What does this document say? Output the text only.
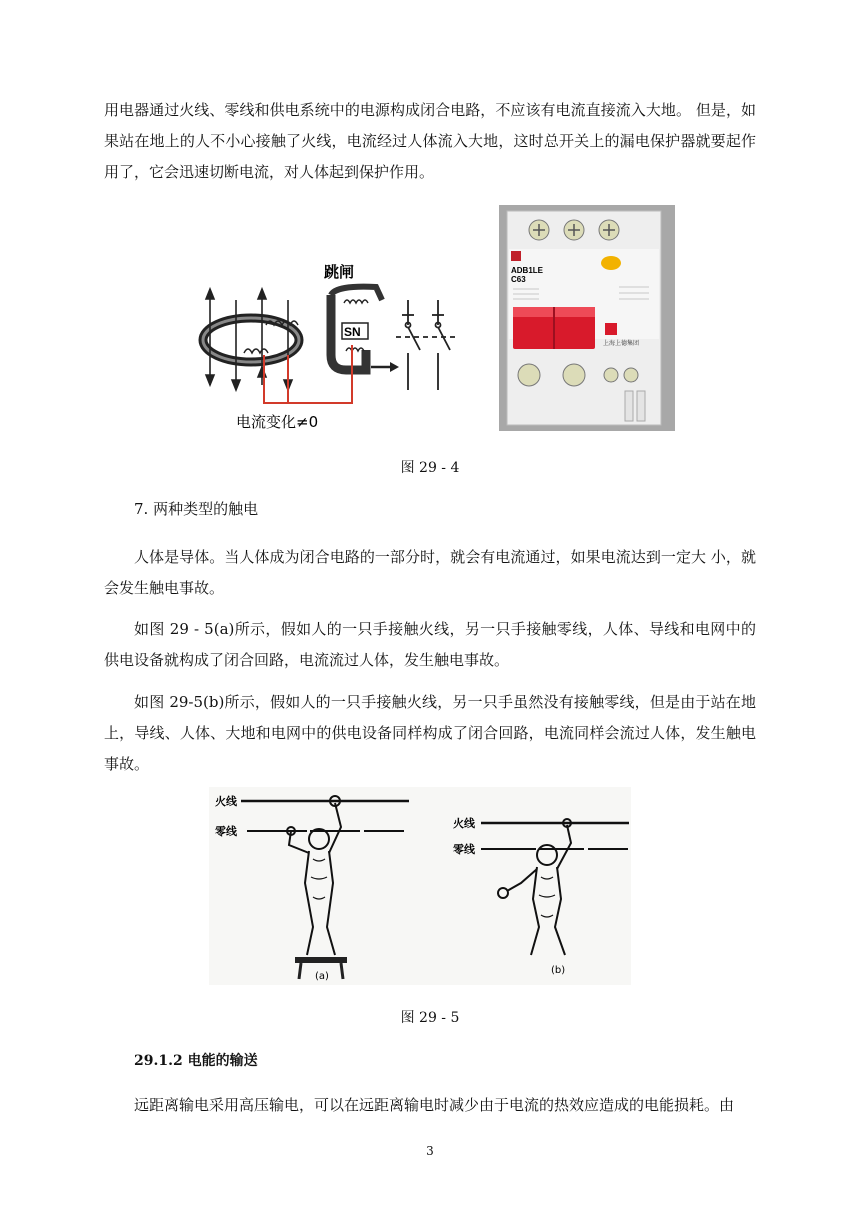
用电器通过火线、零线和供电系统中的电源构成闭合电路，不应该有电流直接流入大地。 但是，如果站在地上的人不小心接触了火线，电流经过人体流入大地，这时总开关上的漏电保护器就要起作用了，它会迅速切断电流，对人体起到保护作用。

SN
跳闸
电流变化≠0
ADB1LE
C63
上海上德集团

图 29 - 4

7. 两种类型的触电

人体是导体。当人体成为闭合电路的一部分时，就会有电流通过，如果电流达到一定大 小，就会发生触电事故。

如图 29 - 5(a)所示，假如人的一只手接触火线，另一只手接触零线，人体、导线和电网中的供电设备就构成了闭合回路，电流流过人体，发生触电事故。

如图 29-5(b)所示，假如人的一只手接触火线，另一只手虽然没有接触零线，但是由于站在地上，导线、人体、大地和电网中的供电设备同样构成了闭合回路，电流同样会流过人体，发生触电事故。

火线
零线
(a)
火线
零线
(b)

图 29 - 5

29.1.2 电能的输送

远距离输电采用高压输电，可以在远距离输电时减少由于电流的热效应造成的电能损耗。由

3
